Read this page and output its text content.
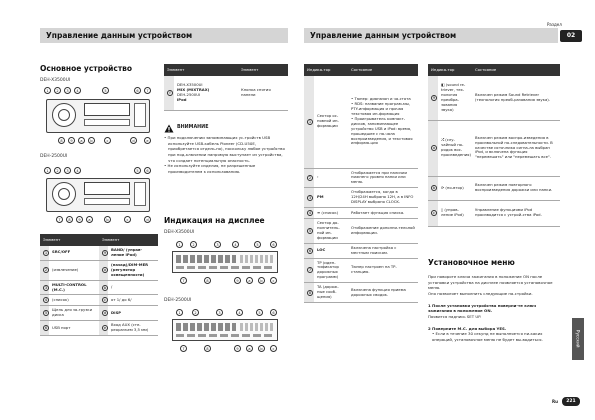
Раздел
02
Управление данным устройством	Управление данным устройством
Основное устройство
DEH-X3500UI
1	2	3	4	5	6	7
8	9	a	b	c	d	e
DEH-2500UI
1	2	3	4	5	6
7	8	9	a	b	c	d
Элемент		Элемент	
1	SRC/OFF	9	BAND/ (управ-ление iPod)
2	(извлечение)	a	(назад)/DIM-MER (регулятор освещенности)
3	MULTI-CONTROL (M.C.)	b	/
4	(список)	c	от 1/ до 6/
5	Щель для за-грузки диска	d	DISP
6	USB порт	e	Вход AUX (сте-реоразъем 3,5 мм)
Элемент		Элемент
f	DEH-X3500UI
MIX (MIXTRAX)
DEH-2500UI
iPod	Кнопка снятия панели
ВНИМАНИЕ
• При подключении запоминающих ус-тройств USB используйте USB-кабель Pioneer (CD-U50E, приобретается отдель-но), поскольку любое устройство при под-ключении напрямую выступает из устройства, что создает потенциальную опасность.
• Не используйте изделия, не разрешенные производителем к использованию.
Индикация на дисплее
DEH-X3500UI
1	2	3	4	5	6
7	8	9	a	b	c
DEH-2500UI
1	2	3	4	5	6
7	8	9	a	b	c
Индика-тор		Состояние
1	Сектор ос-новной ин-формации	• Тюнер: диапазон и ча-стота
• RDS: название програм-мы, PTY-информация и прочая текстовая ин-формация
• Проигрыватель компакт-дисков, запоминающее устройство USB и iPod: время, прошедшее с на-чала воспроизведения, и текстовая информа-ция
2	›	Отображается при наличии нижнего уровня папки или меню.
3	PM	Отображается, когда в 12H/24H выбрано 12H, а в INFO DISPLAY выбрано CLOCK.
4	≡ (список)	Работает функция списка.
5	Сектор до-полнитель-ной ин-формации	Отображение дополни-тельной информации.
6	LOC	Включена настройка с местным поиском.
7	TP (иден-тификатор дорожных программ)	Тюнер настроен на TP-станцию.
8	TA (дорож-ные сооб-щения)	Включена функция приема дорожных сводок.
Индика-тор		Состояние
9	◧ (sound re-triever, тех-нология преобра-зования звука)	Включен режим Sound Retriever (технология преоб-разования звука).
a	⤮ (слу-чайный по-рядок вос-произведения)	Включен режим воспро-изведения в произвольной по-следовательности. В качестве источника сигна-ла выбран iPod, и включена функция "перемешать" или "перемешать все".
b	⟳ (по-втор)	Включен режим повторного воспроизведения дорожки или папки.
c	▯ (управ-ление iPod)	Управление функциями iPod производится с устрой-ства iPod.
Установочное меню
При повороте ключа зажигания в положение ON после установки устройства на дисплее появляется установочное меню.
Оно позволяет выполнить следующие на-стройки.
1 После установки устройства поверни-те ключ зажигания в положение ON.
Появится надпись SET UP.
2 Поверните M.C. для выбора YES.
• Если в течение 30 секунд не выполняется ни-каких операций, установочное меню не будет вы-водиться.	Русский
Ru	221
